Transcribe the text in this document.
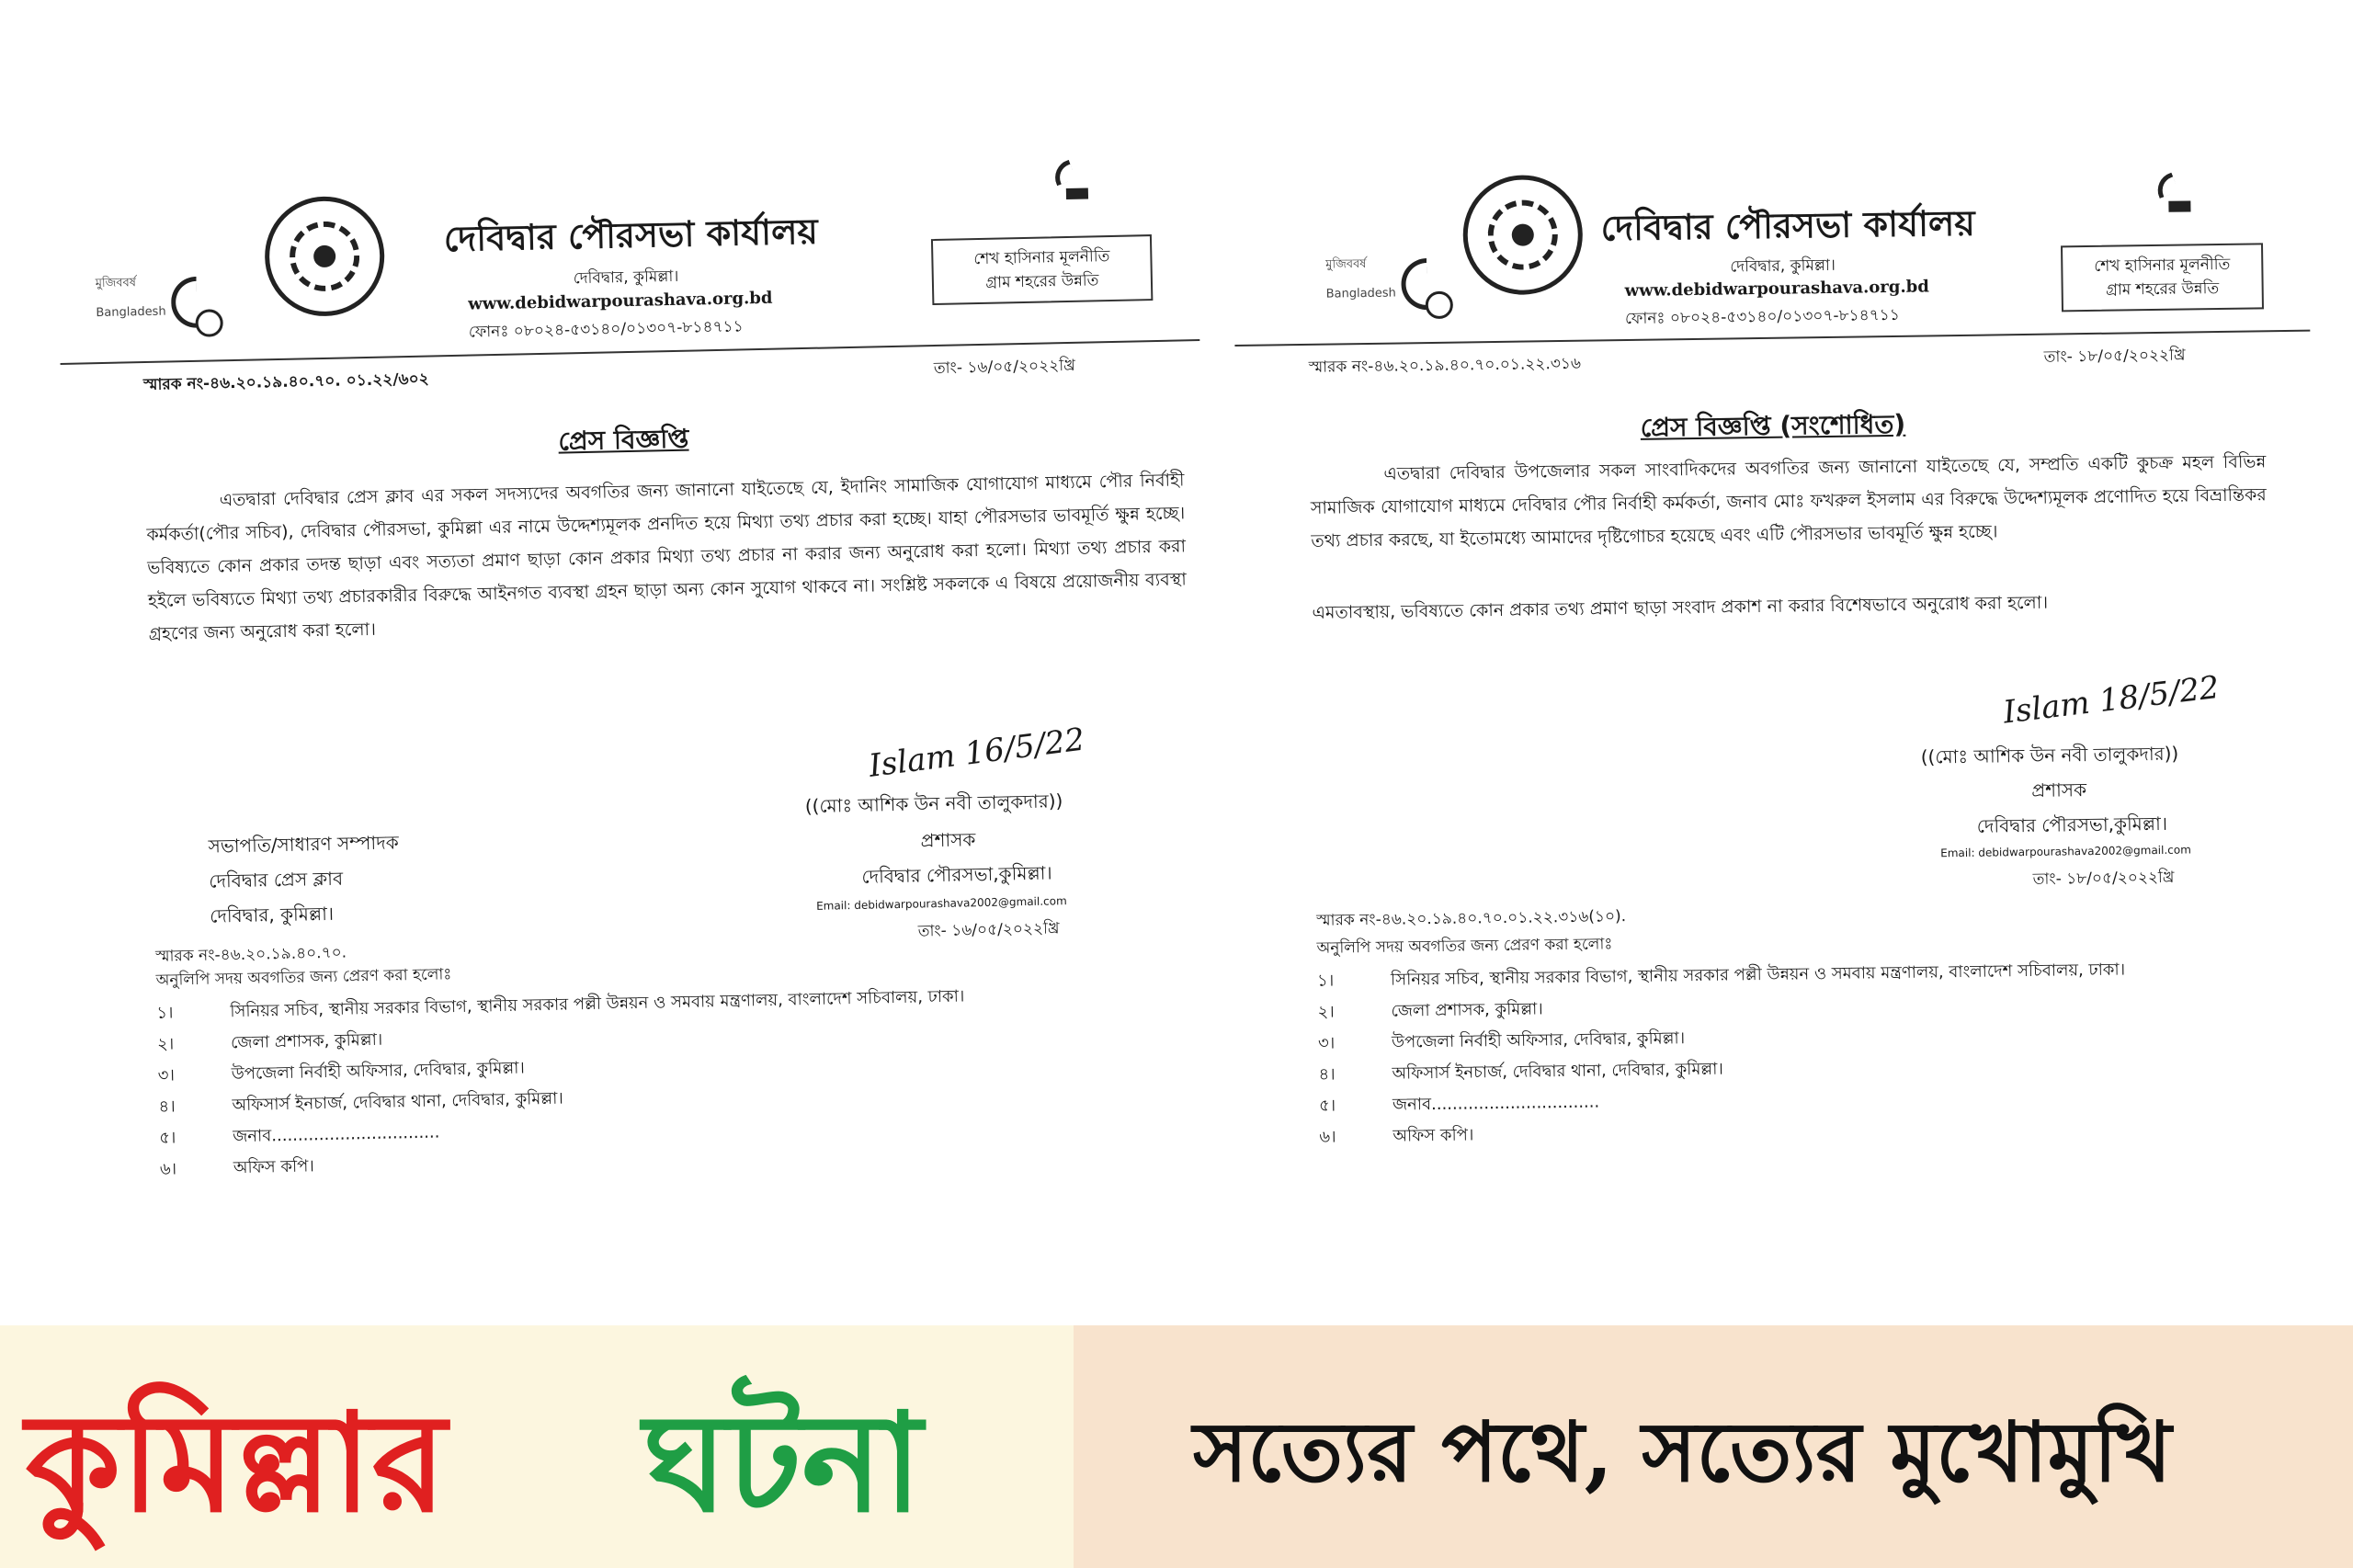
মুজিববর্ষ
Bangladesh
দেবিদ্বার পৌরসভা কার্যালয়
দেবিদ্বার, কুমিল্লা।
www.debidwarpourashava.org.bd
ফোনঃ ০৮০২৪-৫৩১৪০/০১৩০৭-৮১৪৭১১
শেখ হাসিনার মূলনীতি
গ্রাম শহরের উন্নতি
স্মারক নং-৪৬.২০.১৯.৪০.৭০. ০১.২২/৬০২
তাং- ১৬/০৫/২০২২খ্রি
প্রেস বিজ্ঞপ্তি
এতদ্বারা দেবিদ্বার প্রেস ক্লাব এর সকল সদস্যদের অবগতির জন্য জানানো যাইতেছে যে, ইদানিং সামাজিক যোগাযোগ মাধ্যমে পৌর নির্বাহী কর্মকর্তা(পৌর সচিব), দেবিদ্বার পৌরসভা, কুমিল্লা এর নামে উদ্দেশ্যমূলক প্রনদিত হয়ে মিথ্যা তথ্য প্রচার করা হচ্ছে। যাহা পৌরসভার ভাবমূর্তি ক্ষুন্ন হচ্ছে। ভবিষ্যতে কোন প্রকার তদন্ত ছাড়া এবং সত্যতা প্রমাণ ছাড়া কোন প্রকার মিথ্যা তথ্য প্রচার না করার জন্য অনুরোধ করা হলো। মিথ্যা তথ্য প্রচার করা হইলে ভবিষ্যতে মিথ্যা তথ্য প্রচারকারীর বিরুদ্ধে আইনগত ব্যবস্থা গ্রহন ছাড়া অন্য কোন সুযোগ থাকবে না। সংশ্লিষ্ট সকলকে এ বিষয়ে প্রয়োজনীয় ব্যবস্থা গ্রহণের জন্য অনুরোধ করা হলো।
Islam 16/5/22
((মোঃ আশিক উন নবী তালুকদার))
প্রশাসক
দেবিদ্বার পৌরসভা,কুমিল্লা।
Email: debidwarpourashava2002@gmail.com
তাং- ১৬/০৫/২০২২খ্রি
সভাপতি/সাধারণ সম্পাদক
দেবিদ্বার প্রেস ক্লাব
দেবিদ্বার, কুমিল্লা।
স্মারক নং-৪৬.২০.১৯.৪০.৭০.
অনুলিপি সদয় অবগতির জন্য প্রেরণ করা হলোঃ
১।	সিনিয়র সচিব, স্থানীয় সরকার বিভাগ, স্থানীয় সরকার পল্লী উন্নয়ন ও সমবায় মন্ত্রণালয়, বাংলাদেশ সচিবালয়, ঢাকা।
২।	জেলা প্রশাসক, কুমিল্লা।
৩।	উপজেলা নির্বাহী অফিসার, দেবিদ্বার, কুমিল্লা।
৪।	অফিসার্স ইনচার্জ, দেবিদ্বার থানা, দেবিদ্বার, কুমিল্লা।
৫।	জনাব................................
৬।	অফিস কপি।
মুজিববর্ষ
Bangladesh
দেবিদ্বার পৌরসভা কার্যালয়
দেবিদ্বার, কুমিল্লা।
www.debidwarpourashava.org.bd
ফোনঃ ০৮০২৪-৫৩১৪০/০১৩০৭-৮১৪৭১১
শেখ হাসিনার মূলনীতি
গ্রাম শহরের উন্নতি
স্মারক নং-৪৬.২০.১৯.৪০.৭০.০১.২২.৩১৬	তাং- ১৮/০৫/২০২২খ্রি
প্রেস বিজ্ঞপ্তি (সংশোধিত)
এতদ্বারা দেবিদ্বার উপজেলার সকল সাংবাদিকদের অবগতির জন্য জানানো যাইতেছে যে, সম্প্রতি একটি কুচক্র মহল বিভিন্ন সামাজিক যোগাযোগ মাধ্যমে দেবিদ্বার পৌর নির্বাহী কর্মকর্তা, জনাব মোঃ ফখরুল ইসলাম এর বিরুদ্ধে উদ্দেশ্যমূলক প্রণোদিত হয়ে বিভ্রান্তিকর তথ্য প্রচার করছে, যা ইতোমধ্যে আমাদের দৃষ্টিগোচর হয়েছে এবং এটি পৌরসভার ভাবমূর্তি ক্ষুন্ন হচ্ছে।
এমতাবস্থায়, ভবিষ্যতে কোন প্রকার তথ্য প্রমাণ ছাড়া সংবাদ প্রকাশ না করার বিশেষভাবে অনুরোধ করা হলো।
Islam 18/5/22
((মোঃ আশিক উন নবী তালুকদার))
প্রশাসক
দেবিদ্বার পৌরসভা,কুমিল্লা।
Email: debidwarpourashava2002@gmail.com
তাং- ১৮/০৫/২০২২খ্রি
স্মারক নং-৪৬.২০.১৯.৪০.৭০.০১.২২.৩১৬(১০).
অনুলিপি সদয় অবগতির জন্য প্রেরণ করা হলোঃ
১।	সিনিয়র সচিব, স্থানীয় সরকার বিভাগ, স্থানীয় সরকার পল্লী উন্নয়ন ও সমবায় মন্ত্রণালয়, বাংলাদেশ সচিবালয়, ঢাকা।
২।	জেলা প্রশাসক, কুমিল্লা।
৩।	উপজেলা নির্বাহী অফিসার, দেবিদ্বার, কুমিল্লা।
৪।	অফিসার্স ইনচার্জ, দেবিদ্বার থানা, দেবিদ্বার, কুমিল্লা।
৫।	জনাব................................
৬।	অফিস কপি।
কুমিল্লার ঘটনা	সত্যের পথে, সত্যের মুখোমুখি
